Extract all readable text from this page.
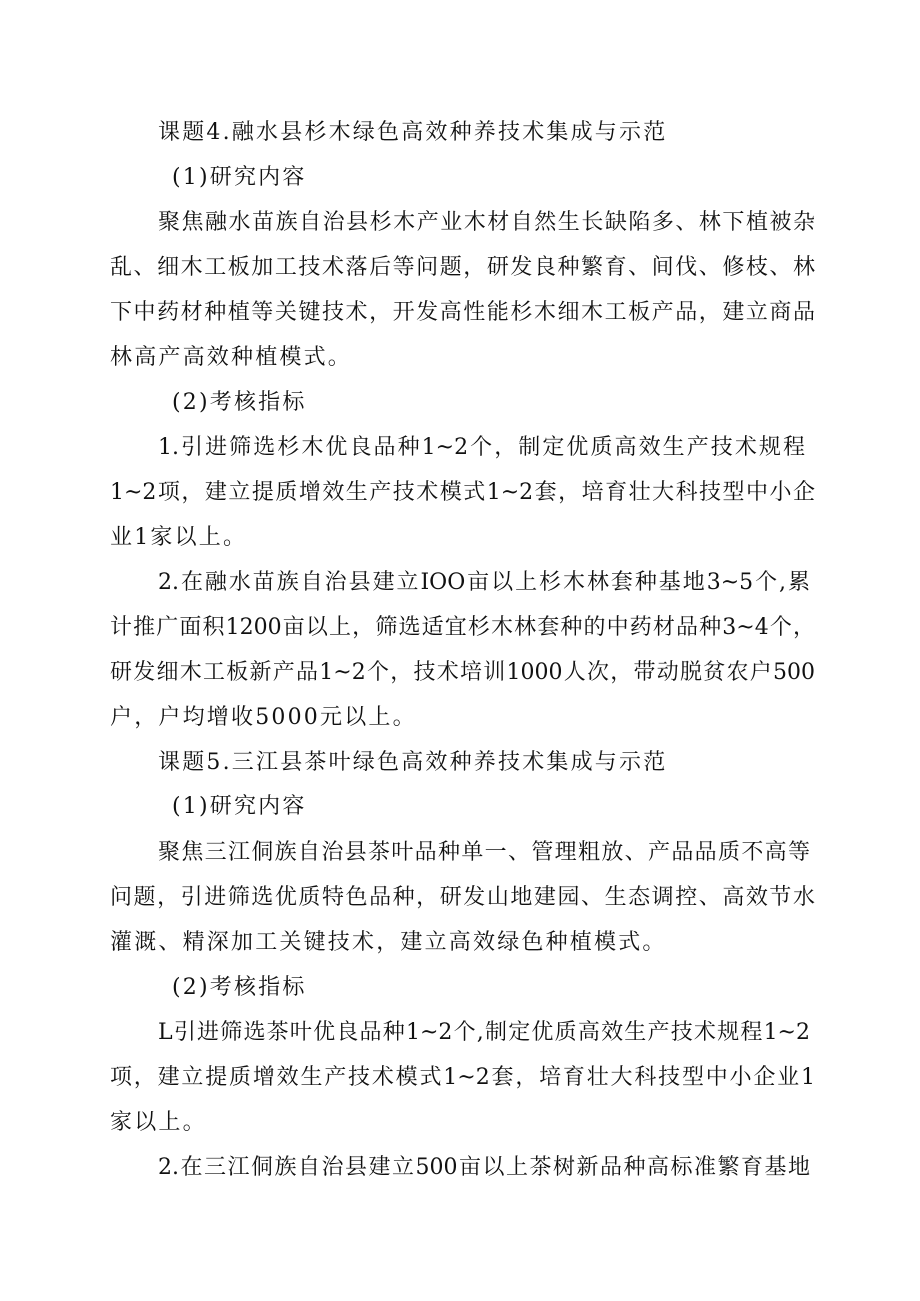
课题4.融水县杉木绿色高效种养技术集成与示范
(1)研究内容
聚焦融水苗族自治县杉木产业木材自然生长缺陷多、林下植被杂
乱、细木工板加工技术落后等问题，研发良种繁育、间伐、修枝、林
下中药材种植等关键技术，开发高性能杉木细木工板产品，建立商品
林高产高效种植模式。
(2)考核指标
1.引进筛选杉木优良品种1~2个，制定优质高效生产技术规程
1~2项，建立提质增效生产技术模式1~2套，培育壮大科技型中小企
业1家以上。
2.在融水苗族自治县建立IOO亩以上杉木林套种基地3~5个,累
计推广面积1200亩以上，筛选适宜杉木林套种的中药材品种3~4个，
研发细木工板新产品1~2个，技术培训1000人次，带动脱贫农户500
户，户均增收5000元以上。
课题5.三江县茶叶绿色高效种养技术集成与示范
(1)研究内容
聚焦三江侗族自治县茶叶品种单一、管理粗放、产品品质不高等
问题，引进筛选优质特色品种，研发山地建园、生态调控、高效节水
灌溉、精深加工关键技术，建立高效绿色种植模式。
(2)考核指标
L引进筛选茶叶优良品种1~2个,制定优质高效生产技术规程1~2
项，建立提质增效生产技术模式1~2套，培育壮大科技型中小企业1
家以上。
2.在三江侗族自治县建立500亩以上茶树新品种高标准繁育基地
